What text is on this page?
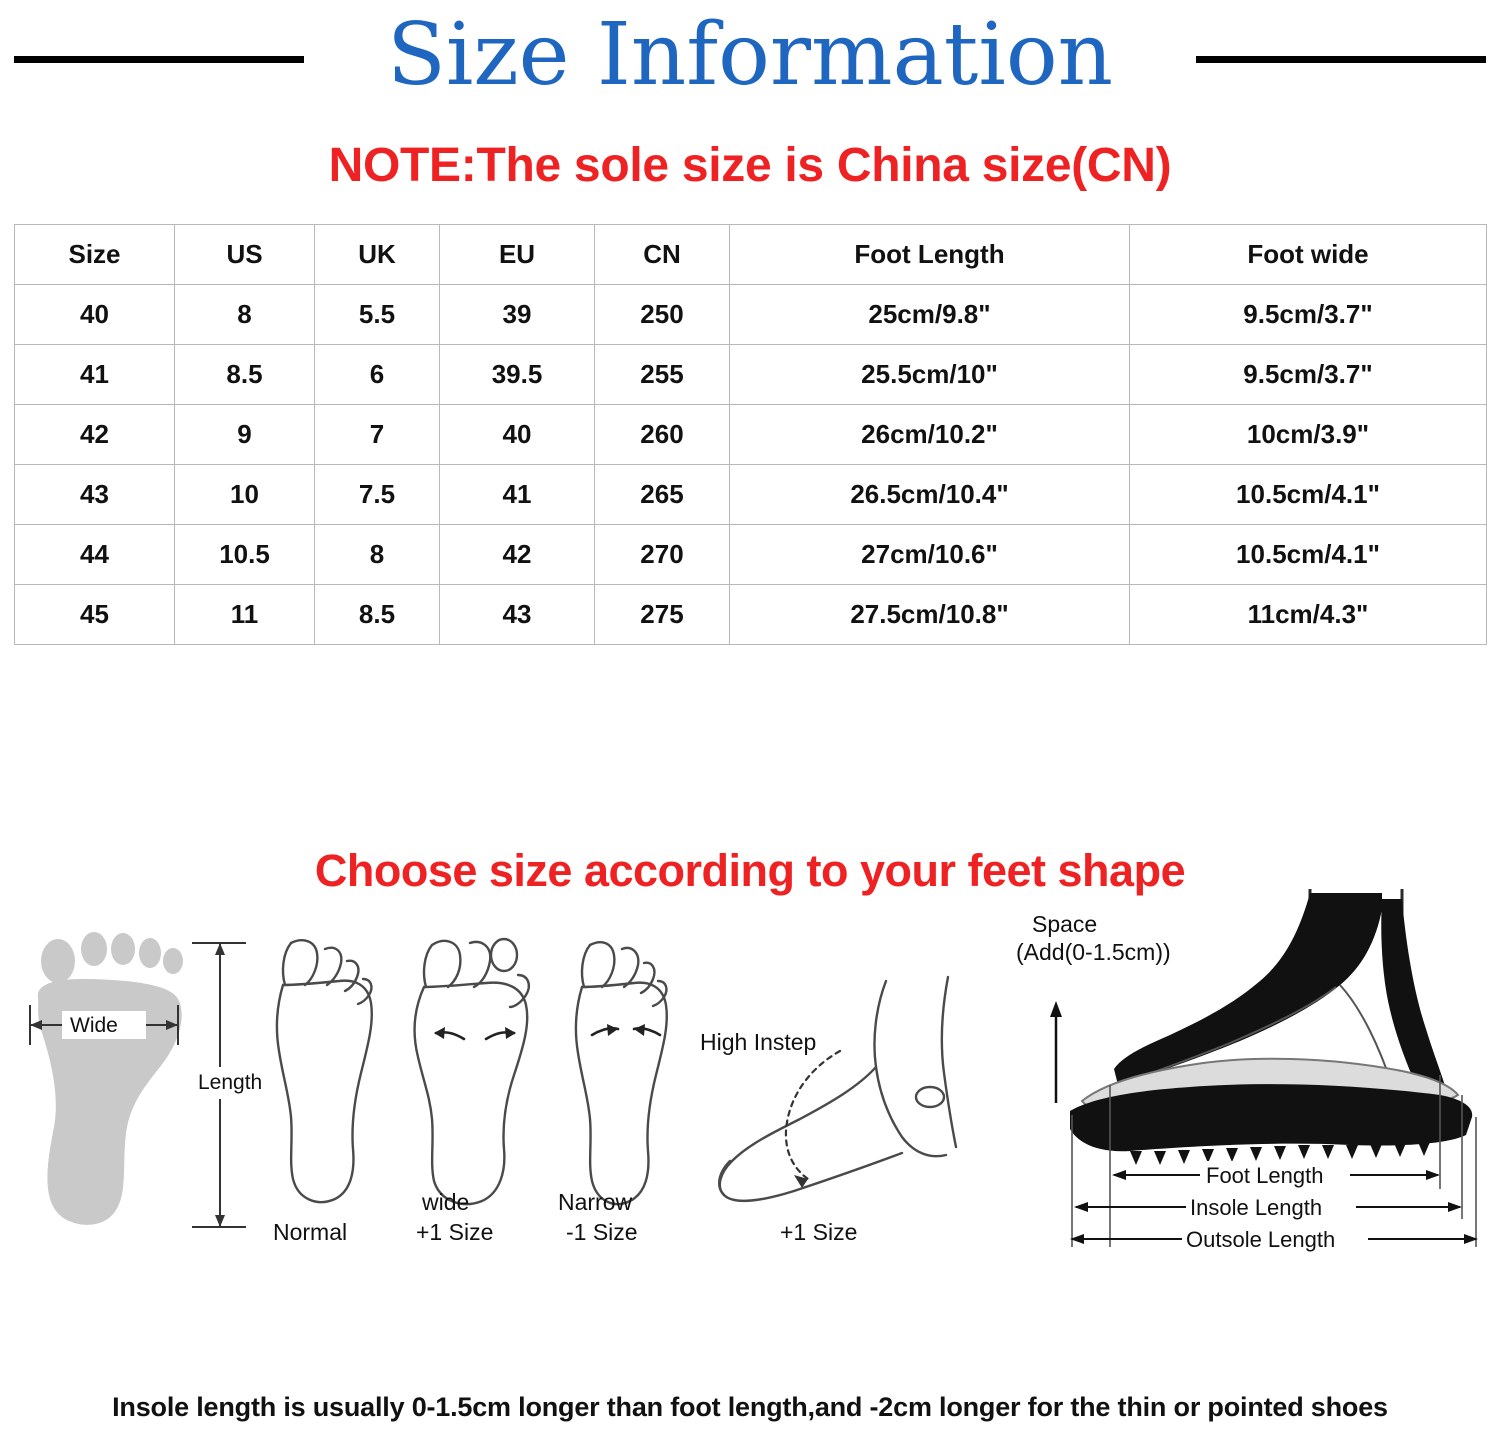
Size Information
NOTE:The sole size is China size(CN)
Size	US	UK	EU	CN	Foot Length	Foot wide
40	8	5.5	39	250	25cm/9.8"	9.5cm/3.7"
41	8.5	6	39.5	255	25.5cm/10"	9.5cm/3.7"
42	9	7	40	260	26cm/10.2"	10cm/3.9"
43	10	7.5	41	265	26.5cm/10.4"	10.5cm/4.1"
44	10.5	8	42	270	27cm/10.6"	10.5cm/4.1"
45	11	8.5	43	275	27.5cm/10.8"	11cm/4.3"
Choose size according to your feet shape
Wide
Length
Normal
wide
+1 Size
Narrow
-1 Size
High Instep
+1 Size
Foot Length
Insole Length
Outsole Length
Space
(Add(0-1.5cm))
Insole length is usually 0-1.5cm longer than foot length,and -2cm longer for the thin or pointed shoes
